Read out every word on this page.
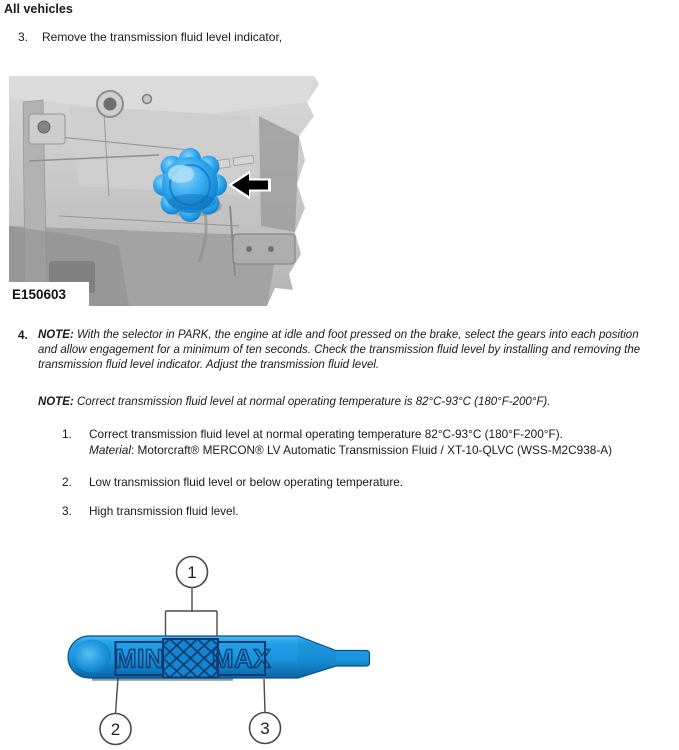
All vehicles
3.	Remove the transmission fluid level indicator,
E150603
4. NOTE: With the selector in PARK, the engine at idle and foot pressed on the brake, select the gears into each position and allow engagement for a minimum of ten seconds. Check the transmission fluid level by installing and removing the transmission fluid level indicator. Adjust the transmission fluid level.
NOTE: Correct transmission fluid level at normal operating temperature is 82°C-93°C (180°F-200°F).
1. Correct transmission fluid level at normal operating temperature 82°C-93°C (180°F-200°F).
Material: Motorcraft® MERCON® LV Automatic Transmission Fluid / XT-10-QLVC (WSS-M2C938-A)
2. Low transmission fluid level or below operating temperature.
3. High transmission fluid level.
MIN MAX
1
2	3
